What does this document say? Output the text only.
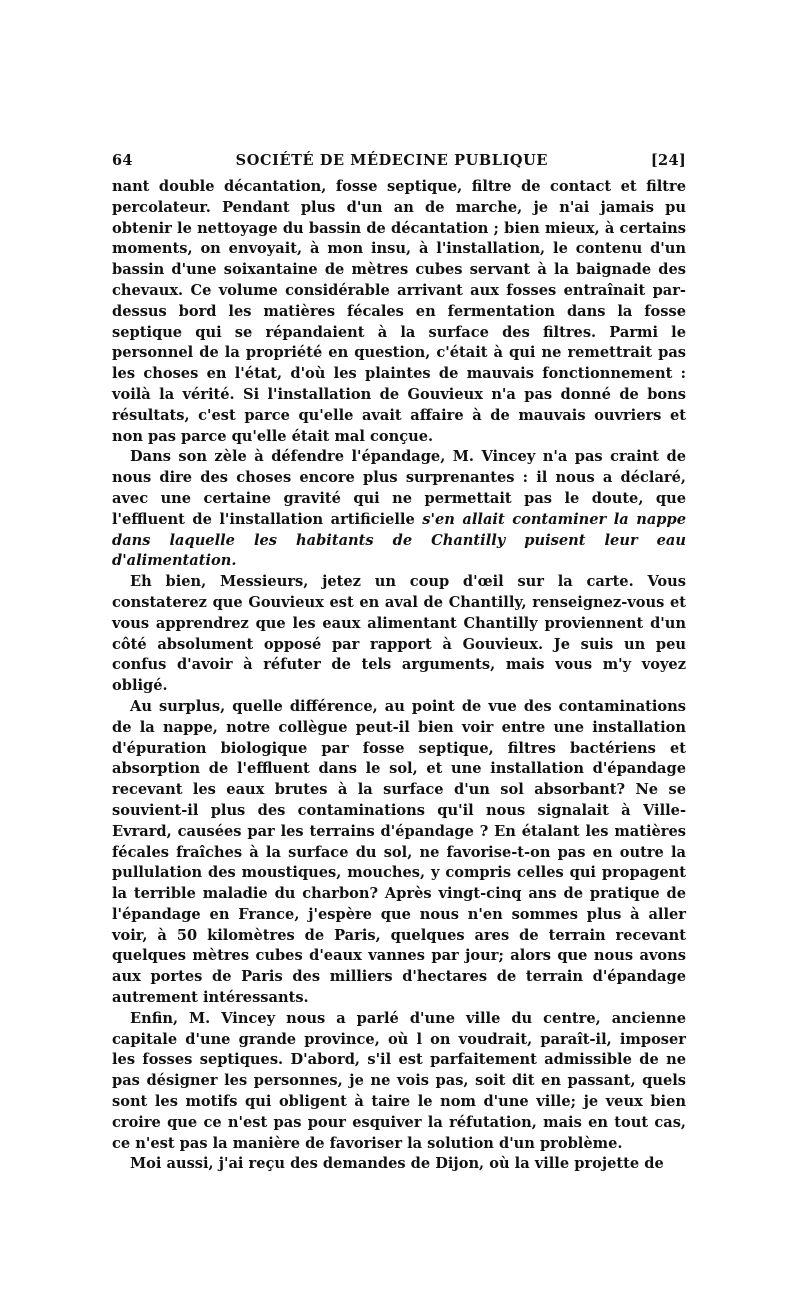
64	SOCIÉTÉ DE MÉDECINE PUBLIQUE	[24]

nant double décantation, fosse septique, filtre de contact et filtre percolateur. Pendant plus d'un an de marche, je n'ai jamais pu obtenir le nettoyage du bassin de décantation ; bien mieux, à certains moments, on envoyait, à mon insu, à l'installation, le contenu d'un bassin d'une soixantaine de mètres cubes servant à la baignade des chevaux. Ce volume considérable arrivant aux fosses entraînait par-dessus bord les matières fécales en fermentation dans la fosse septique qui se répandaient à la surface des filtres. Parmi le personnel de la propriété en question, c'était à qui ne remettrait pas les choses en l'état, d'où les plaintes de mauvais fonctionnement : voilà la vérité. Si l'installation de Gouvieux n'a pas donné de bons résultats, c'est parce qu'elle avait affaire à de mauvais ouvriers et non pas parce qu'elle était mal conçue.

Dans son zèle à défendre l'épandage, M. Vincey n'a pas craint de nous dire des choses encore plus surprenantes : il nous a déclaré, avec une certaine gravité qui ne permettait pas le doute, que l'effluent de l'installation artificielle s'en allait contaminer la nappe dans laquelle les habitants de Chantilly puisent leur eau d'alimentation.

Eh bien, Messieurs, jetez un coup d'œil sur la carte. Vous constaterez que Gouvieux est en aval de Chantilly, renseignez-vous et vous apprendrez que les eaux alimentant Chantilly proviennent d'un côté absolument opposé par rapport à Gouvieux. Je suis un peu confus d'avoir à réfuter de tels arguments, mais vous m'y voyez obligé.

Au surplus, quelle différence, au point de vue des contaminations de la nappe, notre collègue peut-il bien voir entre une installation d'épuration biologique par fosse septique, filtres bactériens et absorption de l'effluent dans le sol, et une installation d'épandage recevant les eaux brutes à la surface d'un sol absorbant? Ne se souvient-il plus des contaminations qu'il nous signalait à Ville-Evrard, causées par les terrains d'épandage ? En étalant les matières fécales fraîches à la surface du sol, ne favorise-t-on pas en outre la pullulation des moustiques, mouches, y compris celles qui propagent la terrible maladie du charbon? Après vingt-cinq ans de pratique de l'épandage en France, j'espère que nous n'en sommes plus à aller voir, à 50 kilomètres de Paris, quelques ares de terrain recevant quelques mètres cubes d'eaux vannes par jour; alors que nous avons aux portes de Paris des milliers d'hectares de terrain d'épandage autrement intéressants.

Enfin, M. Vincey nous a parlé d'une ville du centre, ancienne capitale d'une grande province, où l on voudrait, paraît-il, imposer les fosses septiques. D'abord, s'il est parfaitement admissible de ne pas désigner les personnes, je ne vois pas, soit dit en passant, quels sont les motifs qui obligent à taire le nom d'une ville; je veux bien croire que ce n'est pas pour esquiver la réfutation, mais en tout cas, ce n'est pas la manière de favoriser la solution d'un problème.

Moi aussi, j'ai reçu des demandes de Dijon, où la ville projette de
